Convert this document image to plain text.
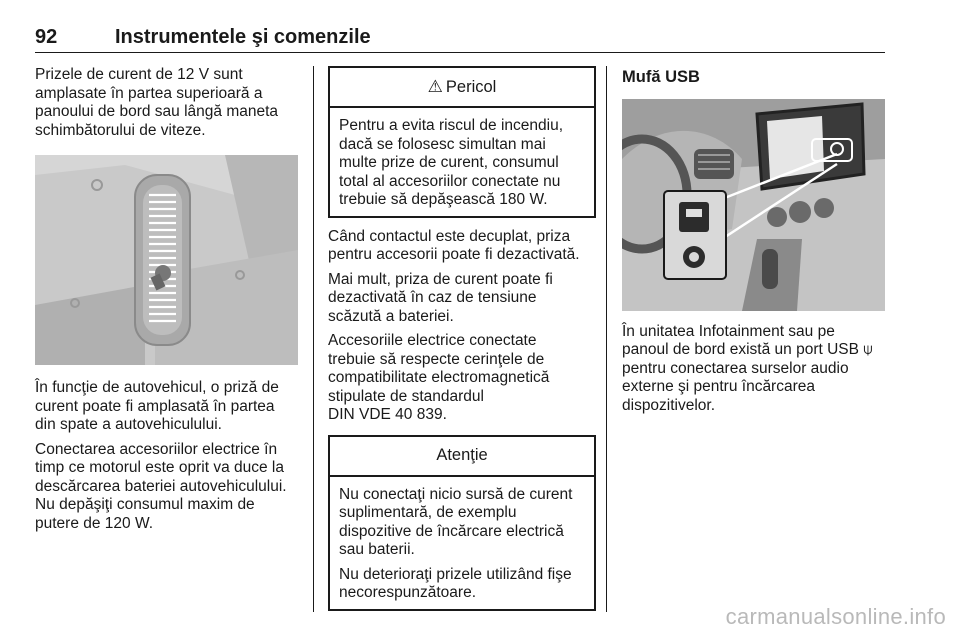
92	Instrumentele şi comenzile

Prizele de curent de 12 V sunt
amplasate în partea superioară a
panoului de bord sau lângă maneta
schimbătorului de viteze.

În funcţie de autovehicul, o priză de
curent poate fi amplasată în partea
din spate a autovehiculului.

Conectarea accesoriilor electrice în
timp ce motorul este oprit va duce la
descărcarea bateriei autovehiculului.
Nu depăşiţi consumul maxim de
putere de 120 W.

⚠ Pericol

Pentru a evita riscul de incendiu,
dacă se folosesc simultan mai
multe prize de curent, consumul
total al accesoriilor conectate nu
trebuie să depăşească 180 W.

Când contactul este decuplat, priza
pentru accesorii poate fi dezactivată.

Mai mult, priza de curent poate fi
dezactivată în caz de tensiune
scăzută a bateriei.

Accesoriile electrice conectate
trebuie să respecte cerinţele de
compatibilitate electromagnetică
stipulate de standardul
DIN VDE 40 839.

Atenţie

Nu conectaţi nicio sursă de curent
suplimentară, de exemplu
dispozitive de încărcare electrică
sau baterii.

Nu deterioraţi prizele utilizând fişe
necorespunzătoare.

Mufă USB

În unitatea Infotainment sau pe
panoul de bord există un port USB ⍦
pentru conectarea surselor audio
externe şi pentru încărcarea
dispozitivelor.

carmanualsonline.info
